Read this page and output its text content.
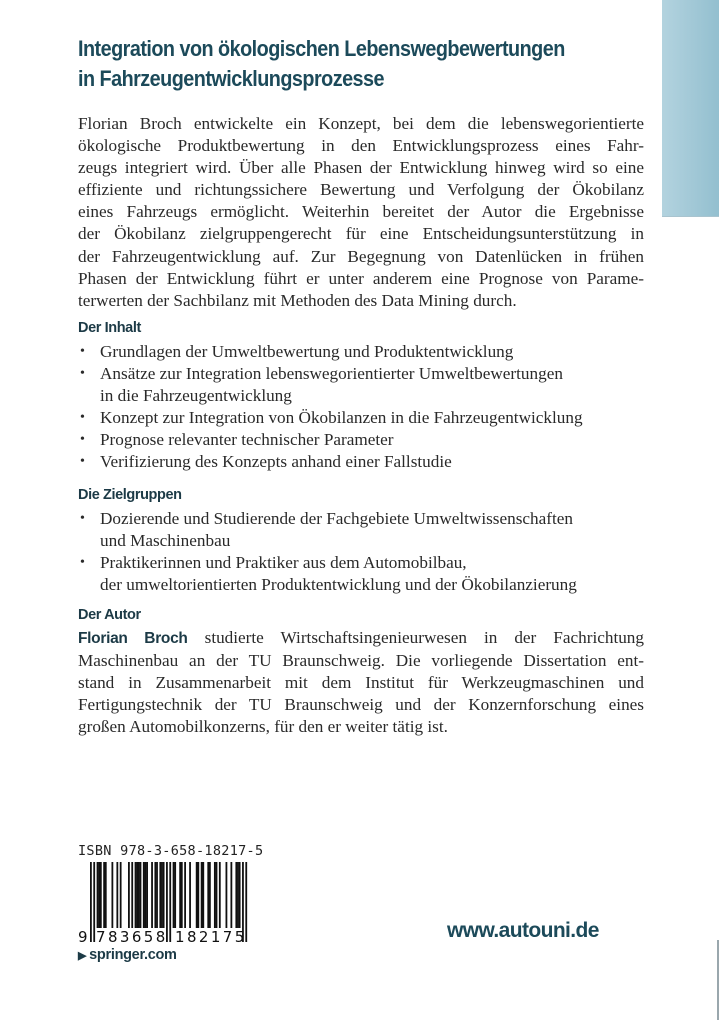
Integration von ökologischen Lebenswegbewertungen
in Fahrzeugentwicklungsprozesse
Florian Broch entwickelte ein Konzept, bei dem die lebenswegorientierte
ökologische Produktbewertung in den Entwicklungsprozess eines Fahr-
zeugs integriert wird. Über alle Phasen der Entwicklung hinweg wird so eine
effiziente und richtungssichere Bewertung und Verfolgung der Ökobilanz
eines Fahrzeugs ermöglicht. Weiterhin bereitet der Autor die Ergebnisse
der Ökobilanz zielgruppengerecht für eine Entscheidungsunterstützung in
der Fahrzeugentwicklung auf. Zur Begegnung von Datenlücken in frühen
Phasen der Entwicklung führt er unter anderem eine Prognose von Parame-
terwerten der Sachbilanz mit Methoden des Data Mining durch.
Der Inhalt
• Grundlagen der Umweltbewertung und Produktentwicklung
• Ansätze zur Integration lebenswegorientierter Umweltbewertungen
in die Fahrzeugentwicklung
• Konzept zur Integration von Ökobilanzen in die Fahrzeugentwicklung
• Prognose relevanter technischer Parameter
• Verifizierung des Konzepts anhand einer Fallstudie
Die Zielgruppen
• Dozierende und Studierende der Fachgebiete Umweltwissenschaften
und Maschinenbau
• Praktikerinnen und Praktiker aus dem Automobilbau,
der umweltorientierten Produktentwicklung und der Ökobilanzierung
Der Autor
Florian Broch studierte Wirtschaftsingenieurwesen in der Fachrichtung
Maschinenbau an der TU Braunschweig. Die vorliegende Dissertation ent-
stand in Zusammenarbeit mit dem Institut für Werkzeugmaschinen und
Fertigungstechnik der TU Braunschweig und der Konzernforschung eines
großen Automobilkonzerns, für den er weiter tätig ist.
ISBN 978-3-658-18217-5
9 783658 182175
▶ springer.com
www.autouni.de
